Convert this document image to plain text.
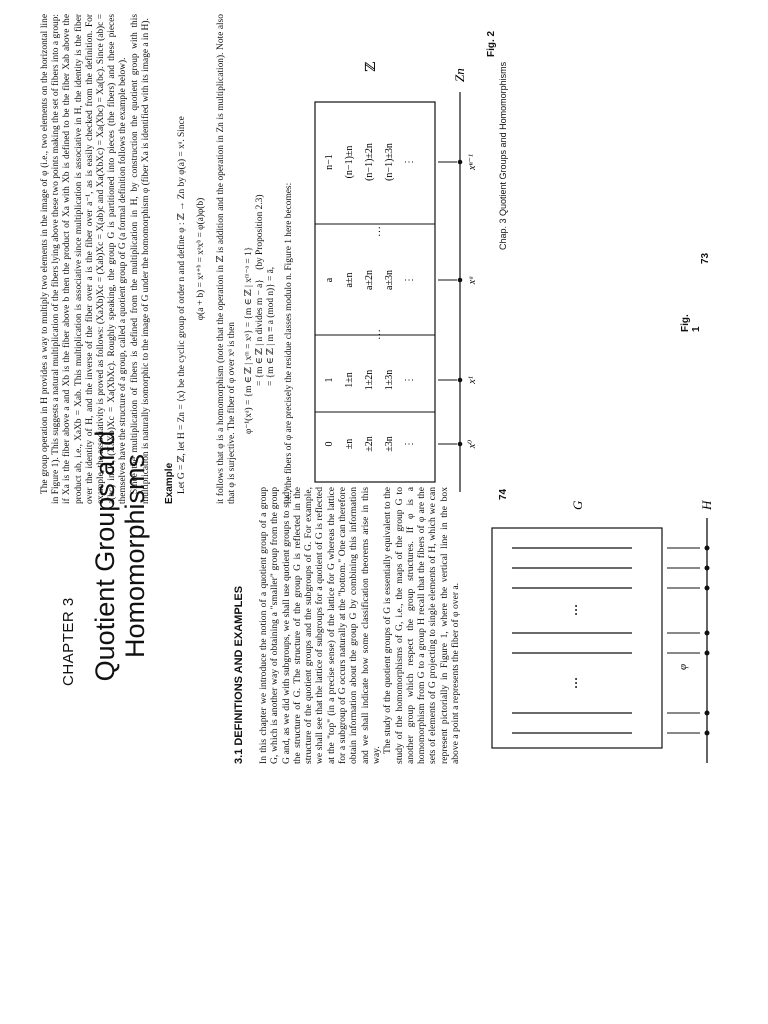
CHAPTER 3 Quotient Groups and Homomorphisms
3.1 DEFINITIONS AND EXAMPLES In this chapter we introduce the notion of a quotient group of a group G, which is another way of obtaining a "smaller" group from the group G and, as we did with subgroups, we shall use quotient groups to study the structure of G. The structure of the group G is reflected in the structure of the quotient groups and the subgroups of G. For example, we shall see that the lattice of subgroups for a quotient of G is reflected at the "top" (in a precise sense) of the lattice for G whereas the lattice for a subgroup of G occurs naturally at the "bottom." One can therefore obtain information about the group G by combining this information and we shall indicate how some classification theorems arise in this way.

The study of the quotient groups of G is essentially equivalent to the study of the homomorphisms of G, i.e., the maps of the group G to another group which respect the group structures. If φ is a homomorphism from G to a group H recall that the fibers of φ are the sets of elements of G projecting to single elements of H, which we can represent pictorially in Figure 1, where the vertical line in the box above a point a represents the fiber of φ over a.	...
...
φ
G	H
Fig. 1
73

The group operation in H provides a way to multiply two elements in the image of φ (i.e., two elements on the horizontal line in Figure 1). This suggests a natural multiplication of the fibers lying above these two points making the set of fibers into a group: if Xa is the fiber above a and Xb is the fiber above b then the product of Xa with Xb is defined to be the fiber Xab above the product ab, i.e., XaXb = Xab. This multiplication is associative since multiplication is associative in H, the identity is the fiber over the identity of H, and the inverse of the fiber over a is the fiber over a⁻¹, as is easily checked from the definition. For example, the associativity is proved as follows: (XaXb)Xc = (Xab)Xc = X(ab)c and Xa(XbXc) = Xa(Xbc) = Xa(bc). Since (ab)c = a(bc) in H, (XaXb)Xc = Xa(XbXc). Roughly speaking, the group G is partitioned into pieces (the fibers) and these pieces themselves have the structure of a group, called a quotient group of G (a formal definition follows the example below). Since the multiplication of fibers is defined from the multiplication in H, by construction the quotient group with this multiplication is naturally isomorphic to the image of G under the homomorphism φ (fiber Xa is identified with its image a in H). Example Let G = ℤ, let H = Zn = ⟨x⟩ be the cyclic group of order n and define φ : ℤ → Zn by φ(a) = xᵃ. Since φ(a + b) = xᵃ⁺ᵇ = xᵃxᵇ = φ(a)φ(b) it follows that φ is a homomorphism (note that the operation in ℤ is addition and the operation in Zn is multiplication). Note also that φ is surjective. The fiber of φ over xᵃ is then φ⁻¹(xᵃ) = {m ∈ ℤ | xᵐ = xᵃ} = {m ∈ ℤ | xᵐ⁻ᵃ = 1} = {m ∈ ℤ | n divides m − a}    (by Proposition 2.3)
= {m ∈ ℤ | m ≡ a (mod n)} = ā, i.e., the fibers of φ are precisely the residue classes modulo n. Figure 1 here becomes:	0 ±n ±2n ±3n ⋮	x⁰
1 1±n 1±2n 1±3n ⋮	x¹
a a±n a±2n a±3n ⋮	xᵃ
n−1 (n−1)±n (n−1)±2n (n−1)±3n ⋮	xⁿ⁻¹
ℤ
Zn
…
…
Fig. 2
74
Chap. 3 Quotient Groups and Homomorphisms
